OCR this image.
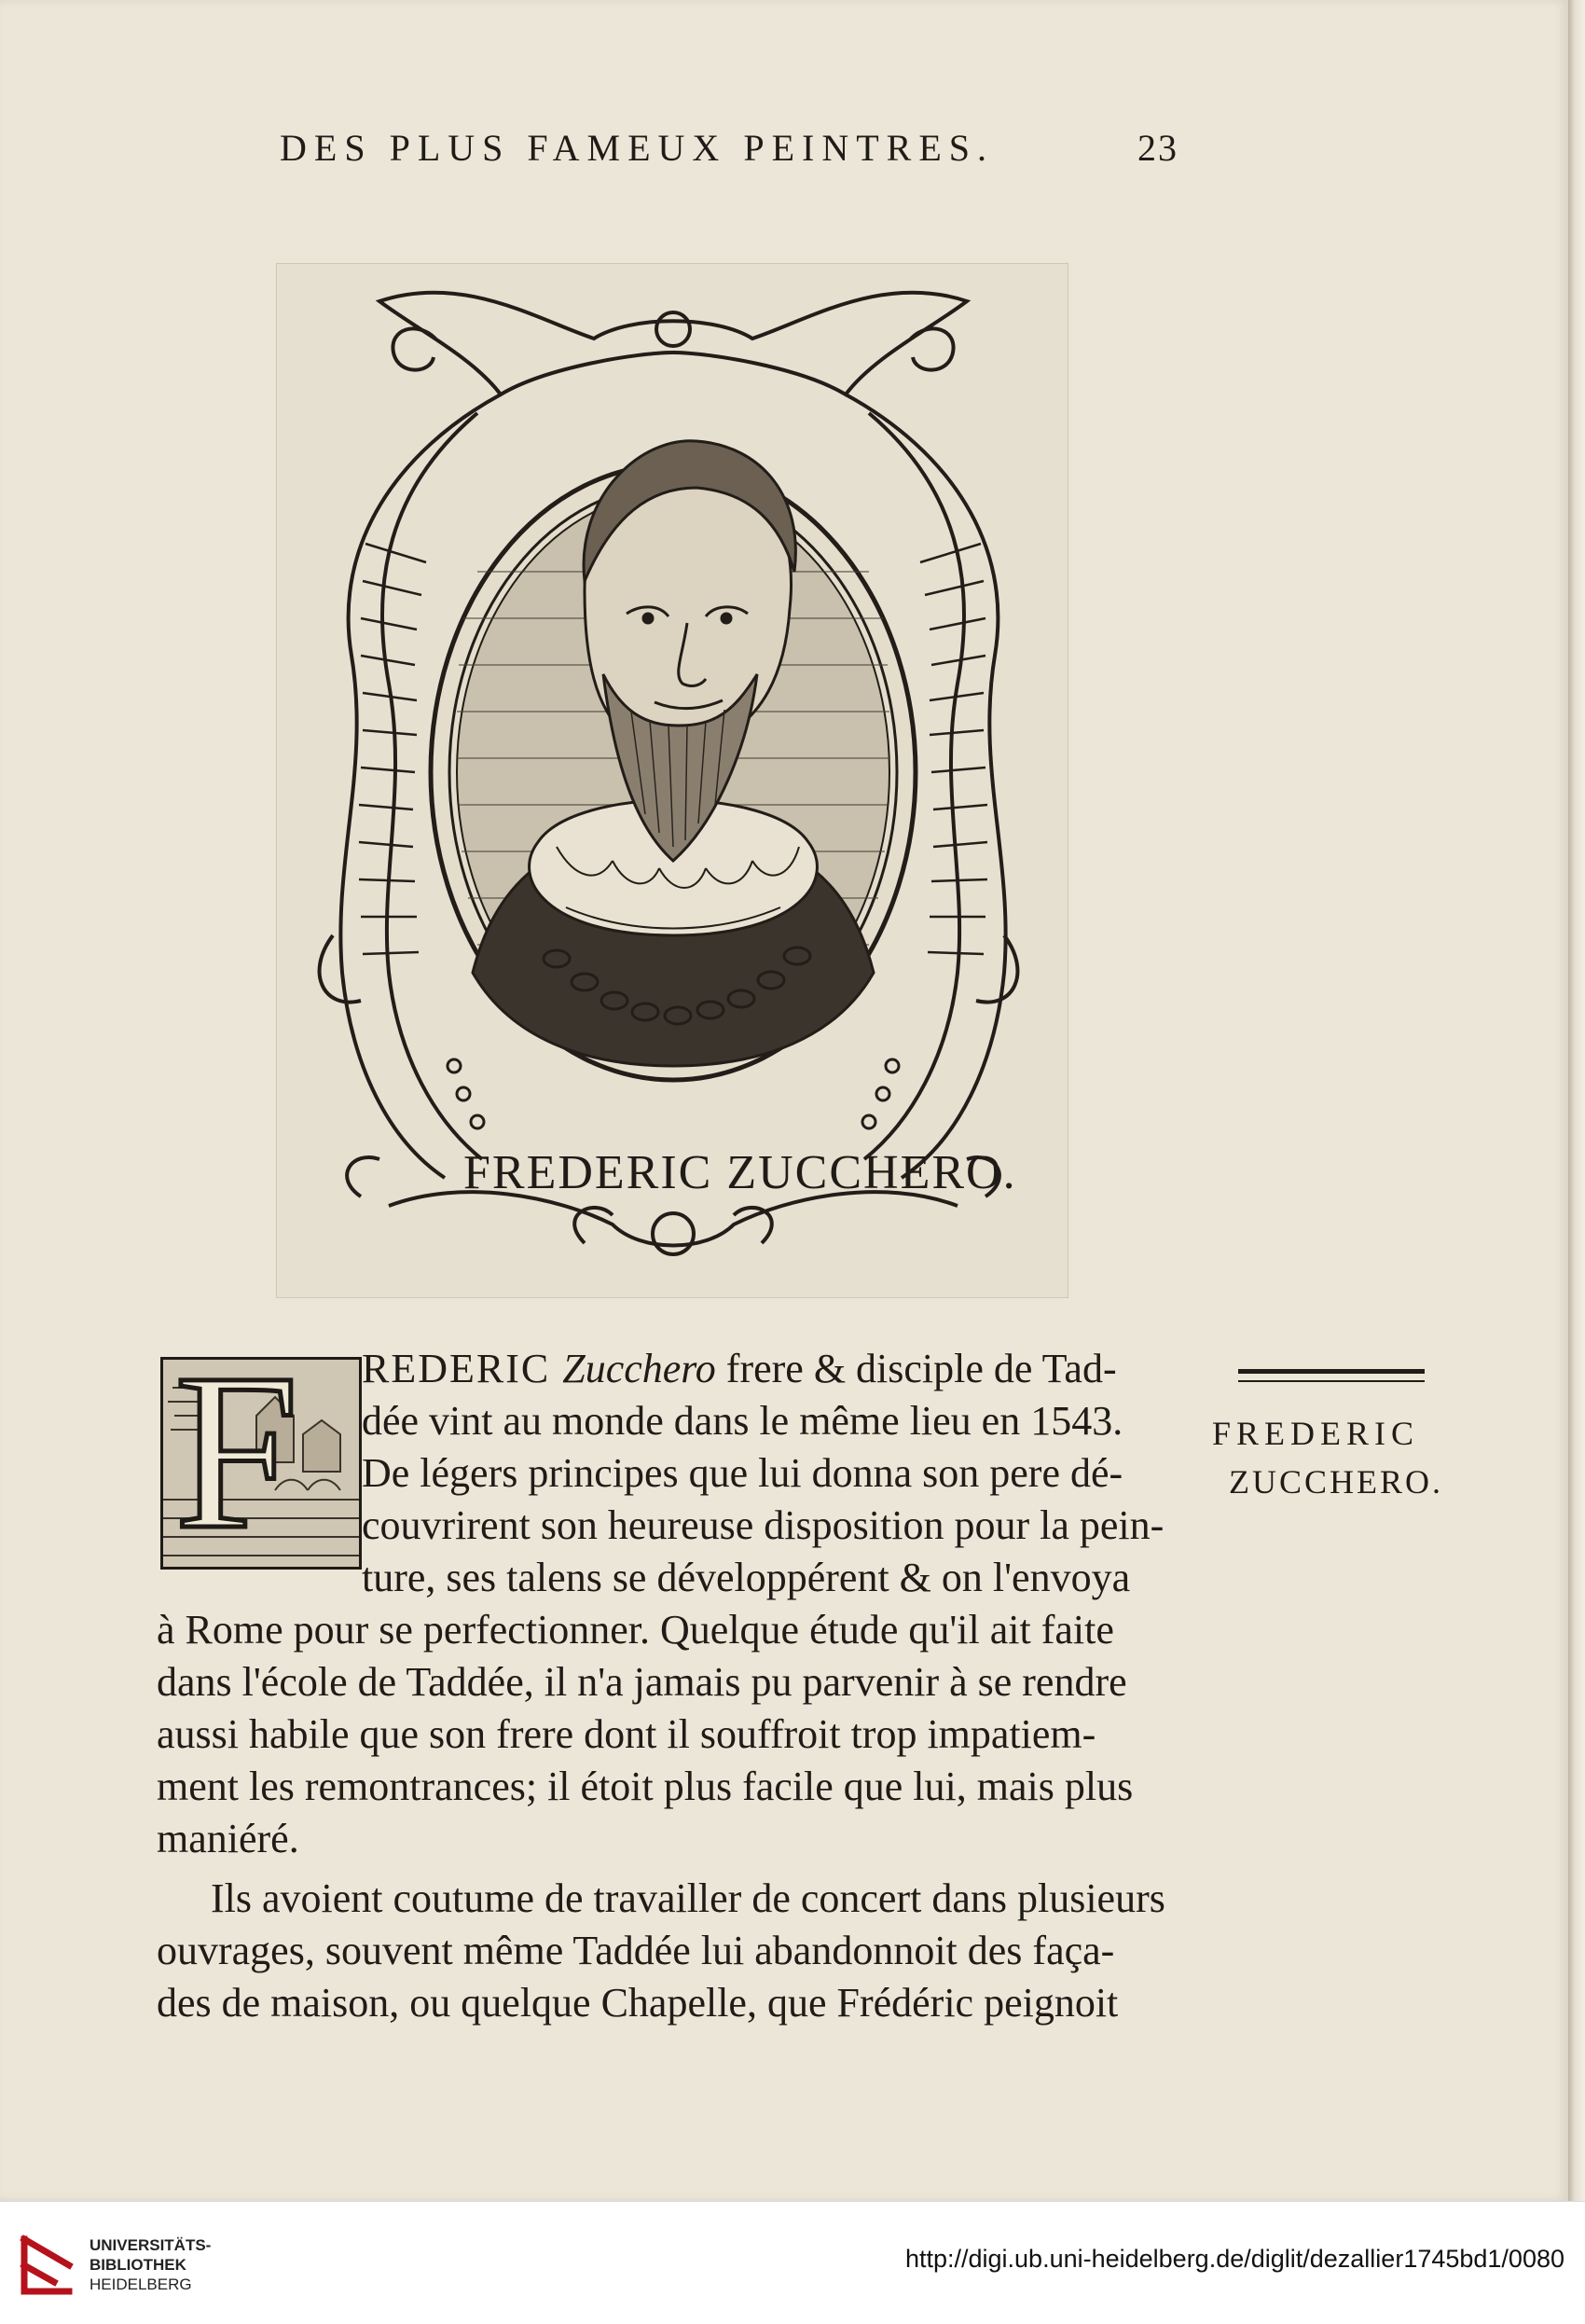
DES PLUS FAMEUX PEINTRES.	23
FREDERIC ZUCCHERO.
F REDERIC Zucchero frere & disciple de Tad-
dée vint au monde dans le même lieu en 1543.
De légers principes que lui donna son pere dé-
couvrirent son heureuse disposition pour la pein-
ture, ses talens se développérent & on l'envoya
à Rome pour se perfectionner. Quelque étude qu'il ait faite
dans l'école de Taddée, il n'a jamais pu parvenir à se rendre
aussi habile que son frere dont il souffroit trop impatiem-
ment les remontrances; il étoit plus facile que lui, mais plus
maniéré.
Ils avoient coutume de travailler de concert dans plusieurs
ouvrages, souvent même Taddée lui abandonnoit des faça-
des de maison, ou quelque Chapelle, que Frédéric peignoit
FREDERIC
ZUCCHERO.
UNIVERSITÄTS-
BIBLIOTHEK
HEIDELBERG
http://digi.ub.uni-heidelberg.de/diglit/dezallier1745bd1/0080
